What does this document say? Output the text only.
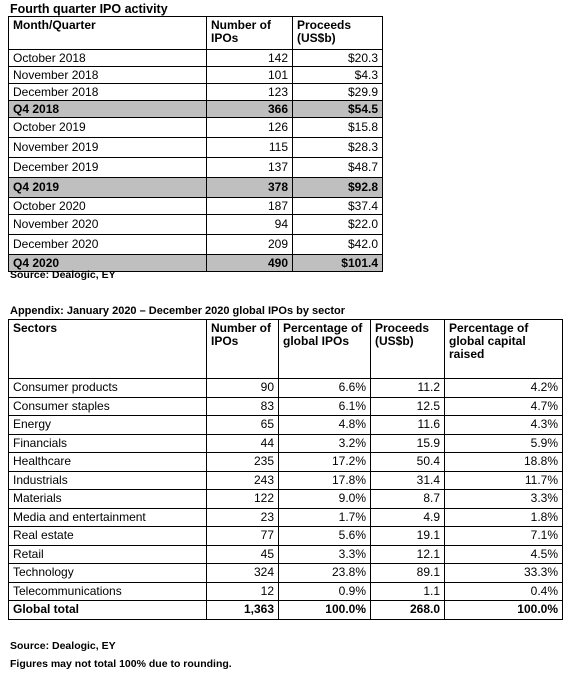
Fourth quarter IPO activity
Month/Quarter	Number of IPOs	Proceeds (US$b)
October 2018	142	$20.3
November 2018	101	$4.3
December 2018	123	$29.9
Q4 2018	366	$54.5
October 2019	126	$15.8
November 2019	115	$28.3
December 2019	137	$48.7
Q4 2019	378	$92.8
October 2020	187	$37.4
November 2020	94	$22.0
December 2020	209	$42.0
Q4 2020	490	$101.4
Source: Dealogic, EY
Appendix: January 2020 – December 2020 global IPOs by sector
Sectors	Number of IPOs	Percentage of global IPOs	Proceeds (US$b)	Percentage of global capital raised
Consumer products	90	6.6%	11.2	4.2%
Consumer staples	83	6.1%	12.5	4.7%
Energy	65	4.8%	11.6	4.3%
Financials	44	3.2%	15.9	5.9%
Healthcare	235	17.2%	50.4	18.8%
Industrials	243	17.8%	31.4	11.7%
Materials	122	9.0%	8.7	3.3%
Media and entertainment	23	1.7%	4.9	1.8%
Real estate	77	5.6%	19.1	7.1%
Retail	45	3.3%	12.1	4.5%
Technology	324	23.8%	89.1	33.3%
Telecommunications	12	0.9%	1.1	0.4%
Global total	1,363	100.0%	268.0	100.0%
Source: Dealogic, EY
Figures may not total 100% due to rounding.
